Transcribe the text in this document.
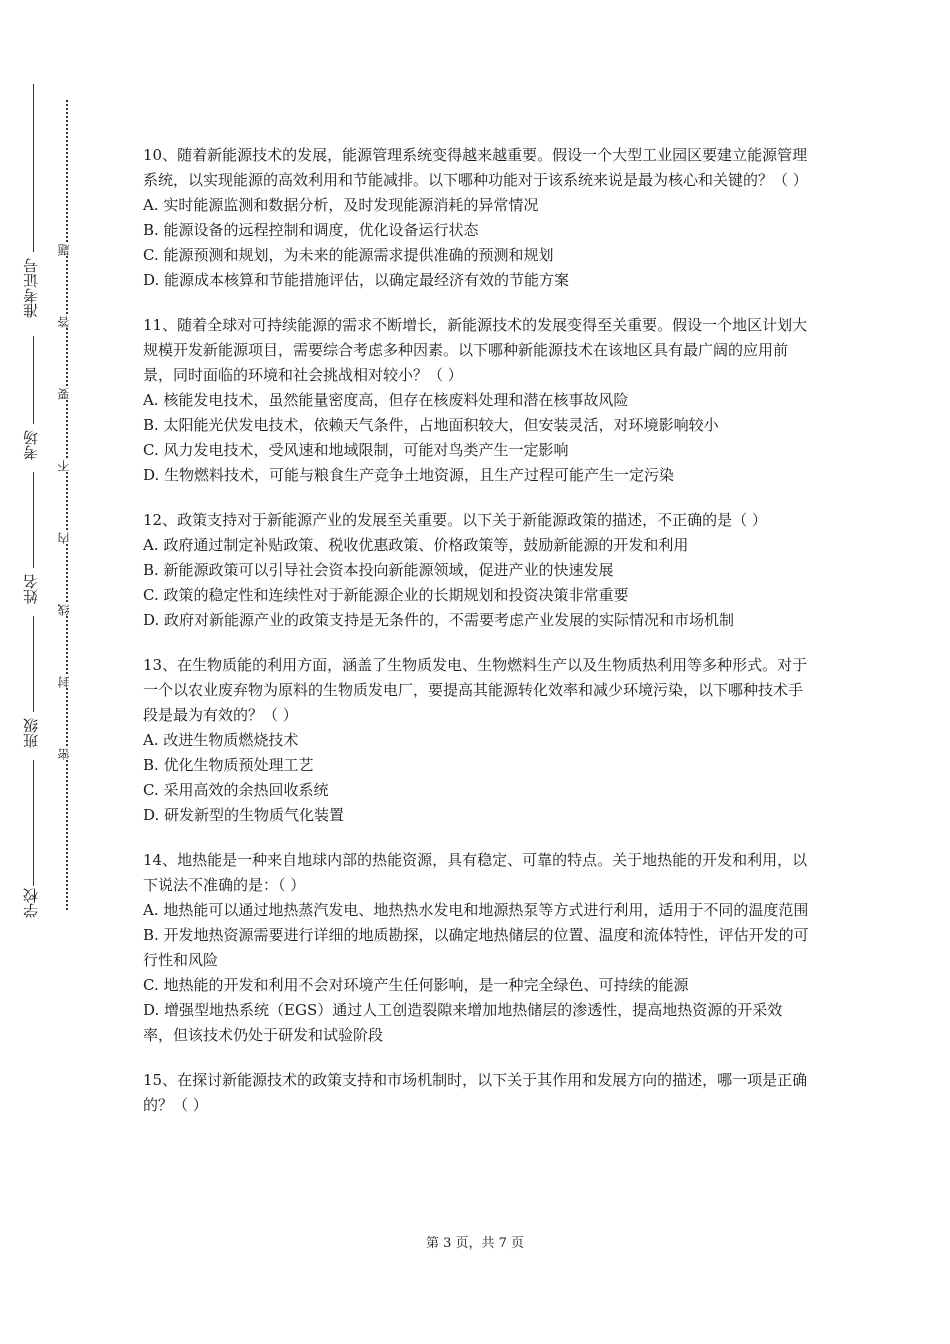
准考证号
考场
姓名
班级
学校
题
答
要
不
内
线
封
密

10、随着新能源技术的发展，能源管理系统变得越来越重要。假设一个大型工业园区要建立能源管理系统，以实现能源的高效利用和节能减排。以下哪种功能对于该系统来说是最为核心和关键的？（ ）

A. 实时能源监测和数据分析，及时发现能源消耗的异常情况

B. 能源设备的远程控制和调度，优化设备运行状态

C. 能源预测和规划，为未来的能源需求提供准确的预测和规划

D. 能源成本核算和节能措施评估，以确定最经济有效的节能方案

11、随着全球对可持续能源的需求不断增长，新能源技术的发展变得至关重要。假设一个地区计划大规模开发新能源项目，需要综合考虑多种因素。以下哪种新能源技术在该地区具有最广阔的应用前景，同时面临的环境和社会挑战相对较小？（ ）

A. 核能发电技术，虽然能量密度高，但存在核废料处理和潜在核事故风险

B. 太阳能光伏发电技术，依赖天气条件，占地面积较大，但安装灵活，对环境影响较小

C. 风力发电技术，受风速和地域限制，可能对鸟类产生一定影响

D. 生物燃料技术，可能与粮食生产竞争土地资源，且生产过程可能产生一定污染

12、政策支持对于新能源产业的发展至关重要。以下关于新能源政策的描述，不正确的是（ ）

A. 政府通过制定补贴政策、税收优惠政策、价格政策等，鼓励新能源的开发和利用

B. 新能源政策可以引导社会资本投向新能源领域，促进产业的快速发展

C. 政策的稳定性和连续性对于新能源企业的长期规划和投资决策非常重要

D. 政府对新能源产业的政策支持是无条件的，不需要考虑产业发展的实际情况和市场机制

13、在生物质能的利用方面，涵盖了生物质发电、生物燃料生产以及生物质热利用等多种形式。对于一个以农业废弃物为原料的生物质发电厂，要提高其能源转化效率和减少环境污染，以下哪种技术手段是最为有效的？（ ）

A. 改进生物质燃烧技术

B. 优化生物质预处理工艺

C. 采用高效的余热回收系统

D. 研发新型的生物质气化装置

14、地热能是一种来自地球内部的热能资源，具有稳定、可靠的特点。关于地热能的开发和利用，以下说法不准确的是：（ ）

A. 地热能可以通过地热蒸汽发电、地热热水发电和地源热泵等方式进行利用，适用于不同的温度范围

B. 开发地热资源需要进行详细的地质勘探，以确定地热储层的位置、温度和流体特性，评估开发的可行性和风险

C. 地热能的开发和利用不会对环境产生任何影响，是一种完全绿色、可持续的能源

D. 增强型地热系统（EGS）通过人工创造裂隙来增加地热储层的渗透性，提高地热资源的开采效率，但该技术仍处于研发和试验阶段

15、在探讨新能源技术的政策支持和市场机制时，以下关于其作用和发展方向的描述，哪一项是正确的？（ ）

第 3 页，共 7 页
